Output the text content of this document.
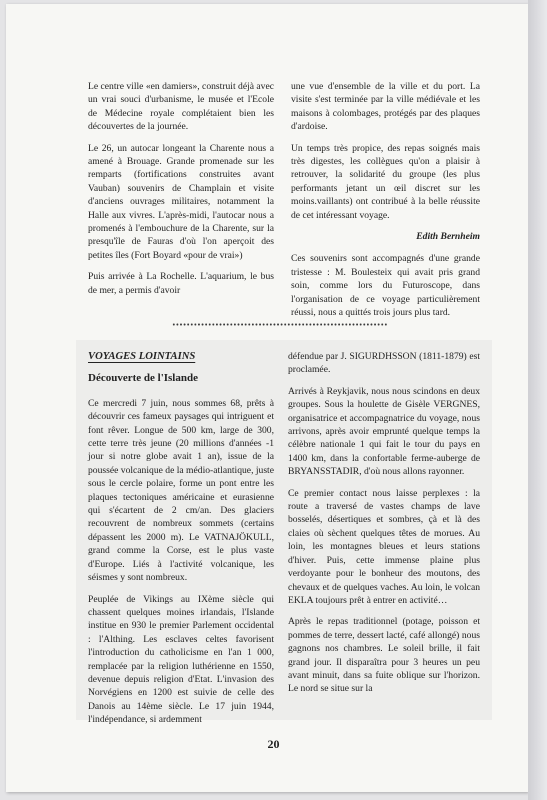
Le centre ville «en damiers», construit déjà avec un vrai souci d'urbanisme, le musée et l'Ecole de Médecine royale complétaient bien les découvertes de la journée.

Le 26, un autocar longeant la Charente nous a amené à Brouage. Grande promenade sur les remparts (fortifications construites avant Vauban) souvenirs de Champlain et visite d'anciens ouvrages militaires, notamment la Halle aux vivres. L'après-midi, l'autocar nous a promenés à l'embouchure de la Charente, sur la presqu'île de Fauras d'où l'on aperçoit des petites îles (Fort Boyard «pour de vrai»)

Puis arrivée à La Rochelle. L'aquarium, le bus de mer, a permis d'avoir

une vue d'ensemble de la ville et du port. La visite s'est terminée par la ville médiévale et les maisons à colombages, protégés par des plaques d'ardoise.

Un temps très propice, des repas soignés mais très digestes, les collègues qu'on a plaisir à retrouver, la solidarité du groupe (les plus performants jetant un œil discret sur les moins.vaillants) ont contribué à la belle réussite de cet intéressant voyage.

Edith Bernheim

Ces souvenirs sont accompagnés d'une grande tristesse : M. Boulesteix qui avait pris grand soin, comme lors du Futuroscope, dans l'organisation de ce voyage particulièrement réussi, nous a quittés trois jours plus tard.

VOYAGES LOINTAINS

Découverte de l'Islande

Ce mercredi 7 juin, nous sommes 68, prêts à découvrir ces fameux paysages qui intriguent et font rêver. Longue de 500 km, large de 300, cette terre très jeune (20 millions d'années -1 jour si notre globe avait 1 an), issue de la poussée volcanique de la médio-atlantique, juste sous le cercle polaire, forme un pont entre les plaques tectoniques américaine et eurasienne qui s'écartent de 2 cm/an. Des glaciers recouvrent de nombreux sommets (certains dépassent les 2000 m). Le VATNAJÖKULL, grand comme la Corse, est le plus vaste d'Europe. Liés à l'activité volcanique, les séismes y sont nombreux.

Peuplée de Vikings au IXème siècle qui chassent quelques moines irlandais, l'Islande institue en 930 le premier Parlement occidental : l'Althing. Les esclaves celtes favorisent l'introduction du catholicisme en l'an 1 000, remplacée par la religion luthérienne en 1550, devenue depuis religion d'Etat. L'invasion des Norvégiens en 1200 est suivie de celle des Danois au 14ème siècle. Le 17 juin 1944, l'indépendance, si ardemment

défendue par J. SIGURDHSSON (1811-1879) est proclamée.

Arrivés à Reykjavik, nous nous scindons en deux groupes. Sous la houlette de Gisèle VERGNES, organisatrice et accompagnatrice du voyage, nous arrivons, après avoir emprunté quelque temps la célèbre nationale 1 qui fait le tour du pays en 1400 km, dans la confortable ferme-auberge de BRYANSSTADIR, d'où nous allons rayonner.

Ce premier contact nous laisse perplexes : la route a traversé de vastes champs de lave bosselés, désertiques et sombres, çà et là des claies où sèchent quelques têtes de morues. Au loin, les montagnes bleues et leurs stations d'hiver. Puis, cette immense plaine plus verdoyante pour le bonheur des moutons, des chevaux et de quelques vaches. Au loin, le volcan EKLA toujours prêt à entrer en activité…

Après le repas traditionnel (potage, poisson et pommes de terre, dessert lacté, café allongé) nous gagnons nos chambres. Le soleil brille, il fait grand jour. Il disparaîtra pour 3 heures un peu avant minuit, dans sa fuite oblique sur l'horizon. Le nord se situe sur la

20
